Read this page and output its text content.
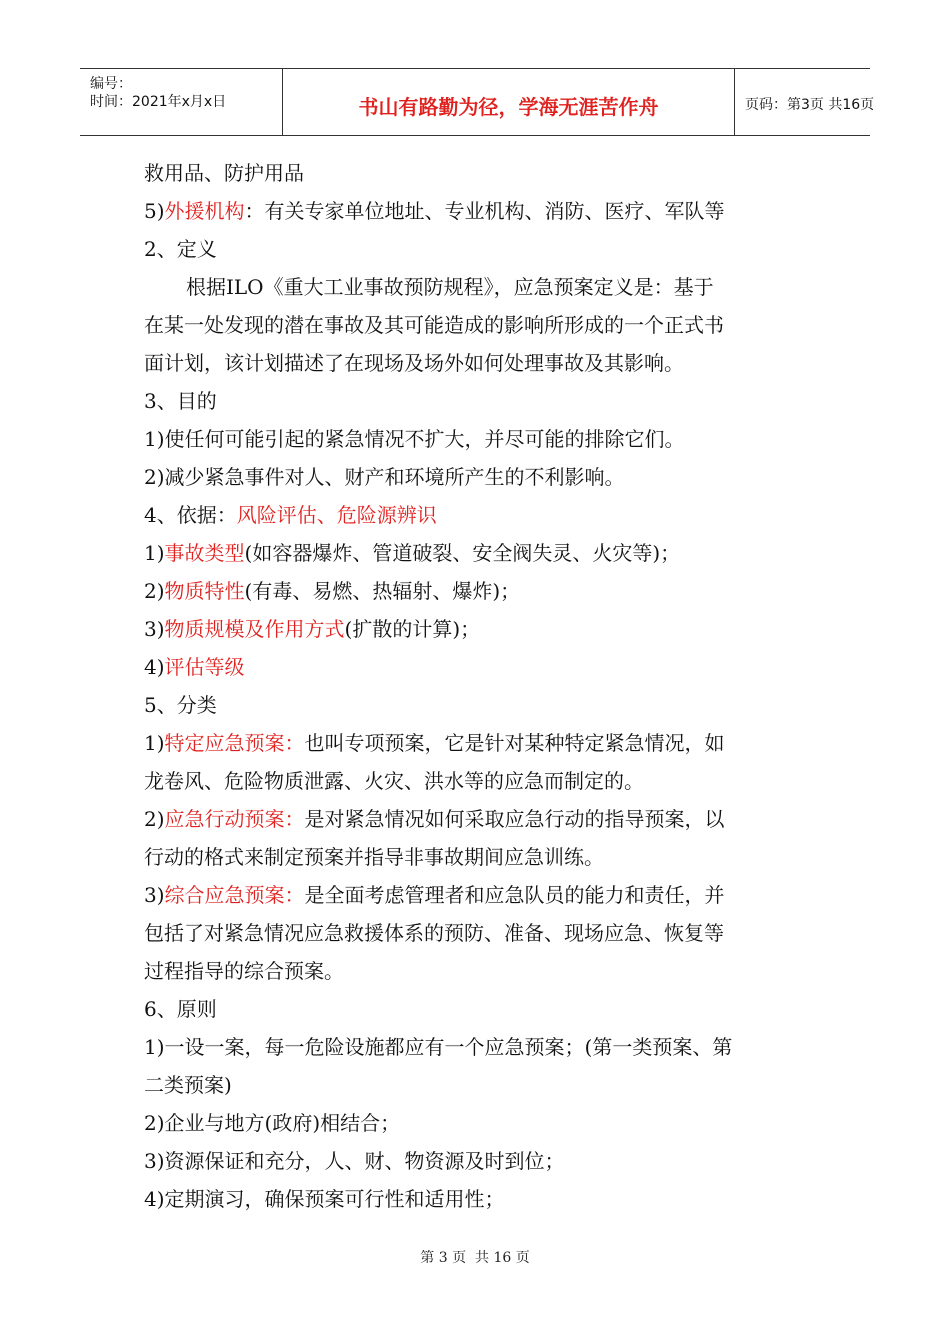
编号：
时间：2021年x月x日	书山有路勤为径，学海无涯苦作舟	页码：第3页 共16页
救用品、防护用品
5)外援机构：有关专家单位地址、专业机构、消防、医疗、军队等
2、定义
根据ILO《重大工业事故预防规程》，应急预案定义是：基于
在某一处发现的潜在事故及其可能造成的影响所形成的一个正式书
面计划，该计划描述了在现场及场外如何处理事故及其影响。
3、目的
1)使任何可能引起的紧急情况不扩大，并尽可能的排除它们。
2)减少紧急事件对人、财产和环境所产生的不利影响。
4、依据：风险评估、危险源辨识
1)事故类型(如容器爆炸、管道破裂、安全阀失灵、火灾等)；
2)物质特性(有毒、易燃、热辐射、爆炸)；
3)物质规模及作用方式(扩散的计算)；
4)评估等级
5、分类
1)特定应急预案：也叫专项预案，它是针对某种特定紧急情况，如
龙卷风、危险物质泄露、火灾、洪水等的应急而制定的。
2)应急行动预案：是对紧急情况如何采取应急行动的指导预案，以
行动的格式来制定预案并指导非事故期间应急训练。
3)综合应急预案：是全面考虑管理者和应急队员的能力和责任，并
包括了对紧急情况应急救援体系的预防、准备、现场应急、恢复等
过程指导的综合预案。
6、原则
1)一设一案，每一危险设施都应有一个应急预案；(第一类预案、第
二类预案)
2)企业与地方(政府)相结合；
3)资源保证和充分，人、财、物资源及时到位；
4)定期演习，确保预案可行性和适用性；
第 3 页  共 16 页
